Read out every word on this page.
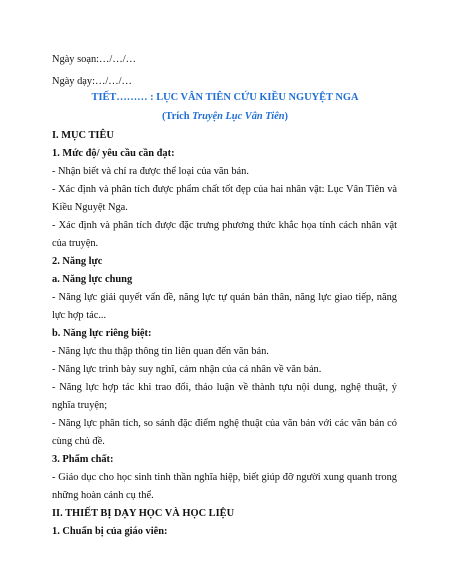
Ngày soạn:…/…/…
Ngày dạy:…/…/…
TIẾT……… : LỤC VÂN TIÊN CỨU KIỀU NGUYỆT NGA
(Trích Truyện Lục Vân Tiên)
I. MỤC TIÊU
1. Mức độ/ yêu cầu cần đạt:
- Nhận biết và chỉ ra được thể loại của văn bản.
- Xác định và phân tích được phẩm chất tốt đẹp của hai nhân vật: Lục Vân Tiên và
Kiều Nguyệt Nga.
- Xác định và phân tích được đặc trưng phương thức khắc họa tính cách nhân vật
của truyện.
2. Năng lực
a. Năng lực chung
- Năng lực giải quyết vấn đề, năng lực tự quản bản thân, năng lực giao tiếp, năng
lực hợp tác...
b. Năng lực riêng biệt:
- Năng lực thu thập thông tin liên quan đến văn bản.
- Năng lực trình bày suy nghĩ, cảm nhận của cá nhân về văn bản.
- Năng lực hợp tác khi trao đổi, thảo luận về thành tựu nội dung, nghệ thuật, ý
nghĩa truyện;
- Năng lực phân tích, so sánh đặc điểm nghệ thuật của văn bản với các văn bản có
cùng chủ đề.
3. Phẩm chất:
- Giáo dục cho học sinh tinh thần nghĩa hiệp, biết giúp đỡ người xung quanh trong
những hoàn cảnh cụ thể.
II. THIẾT BỊ DẠY HỌC VÀ HỌC LIỆU
1. Chuẩn bị của giáo viên:
